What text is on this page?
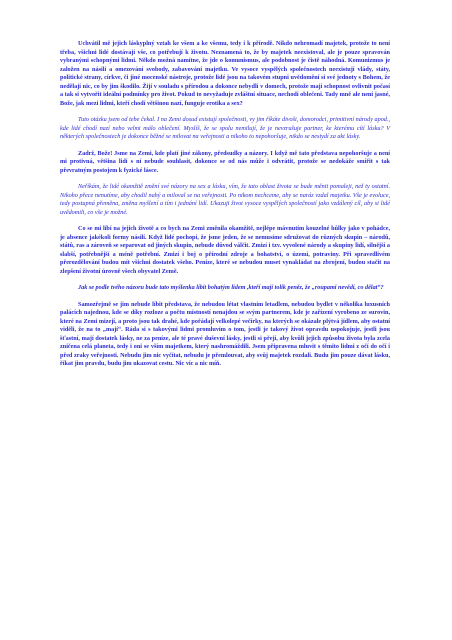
Uchvátil mě jejich láskyplný vztah ke všem a ke všemu, tedy i k přírodě. Nikdo nehromadí majetek, protože to není třeba, všichni lidé dostávají vše, co potřebují k životu. Neznamená to, že by majetek neexistoval, ale je pouze spravován vybranými schopnými lidmi. Někdo možná namítne, že jde o komunismus, ale podobnost je čistě náhodná. Komunizmus je založen na násilí a omezování svobody, zabavování majetku. Ve vysoce vyspělých společnostech neexistují vlády, státy, politické strany, církve, či jiné mocenské nástroje, protože lidé jsou na takovém stupni uvědomění si své jednoty s Bohem, že nedělají nic, co by jim škodilo. Žijí v souladu s přírodou a dokonce nebydlí v domech, protože mají schopnost ovlivnit počasí a tak si vytvořit ideální podmínky pro život. Pokud to nevyžaduje zvláštní situace, nechodí oblečeni. Tady mně ale není jasné, Bože, jak mezi lidmi, kteří chodí většinou nazí, funguje erotika a sex?

Tuto otázku jsem od tebe čekal. I na Zemi dosud existují společnosti, vy jim říkáte divoši, domorodci, primitivní národy apod., kde lidé chodí nazí nebo velmi málo oblečení. Myslíš, že se spolu nemilují, že je nevzrušuje partner, ke kterému cítí lásku? V některých společnostech je dokonce běžné se milovat na veřejnosti a nikoho to nepohoršuje, nikdo se nestydí za akt lásky.

Zadrž, Bože! Jsme na Zemi, kde platí jiné zákony, předsudky a názory. I když mě tato představa nepohoršuje a není mi protivná, většina lidí s ní nebude souhlasit, dokonce se od nás může i odvrátit, protože se nedokáže smířit s tak převratným postojem k fyzické lásce.

Neříkám, že lidé okamžitě změní své názory na sex a lásku, vím, že tato oblast života se bude měnit pomaleji, než ty ostatní. Nikoho přece nenutíme, aby chodil nahý a miloval se na veřejnosti. Po nikom nechceme, aby se naráz vzdal majetku. Vše je evoluce, tedy postupná přeměna, změna myšlení a tím i jednání lidí. Ukazuji život vysoce vyspělých společností jako vzdálený cíl, aby si lidé uvědomili, co vše je možné.

Co se mi líbí na jejich životě a co bych na Zemi změnila okamžitě, nejlépe mávnutím kouzelné hůlky jako v pohádce, je absence jakékoli formy násilí. Když lidé pochopí, že jsme jeden, že se nemusíme sdružovat do různých skupin – národů, států, ras a zároveň se separovat od jiných skupin, nebude důvod válčit. Zmizí i tzv. vyvolené národy a skupiny lidí, silnější a slabší, potřebnější a méně potřební. Zmizí i boj o přírodní zdroje a bohatství, o území, potraviny. Při spravedlivém přerozdělování budou mít všichni dostatek všeho. Peníze, které se nebudou muset vynakládat na zbrojení, budou stačit na zlepšení životní úrovně všech obyvatel Země.

Jak se podle tvého názoru bude tato myšlenka líbit bohatým lidem ,kteří mají tolik peněz, že „roupami nevědí, co dělat“?

Samozřejmě se jim nebude líbit představa, že nebudou létat vlastním letadlem, nebudou bydlet v několika luxusních palácích najednou, kde se díky rozloze a počtu místností nenajdou se svým partnerem, kde je zařízení vyrobeno ze surovin, které na Zemi mizejí, a proto jsou tak drahé, kde pořádají velkolepé večírky, na kterých se okázale plýtvá jídlem, aby ostatní viděli, že na to „mají“. Ráda si s takovými lidmi promluvím o tom, jestli je takový život opravdu uspokojuje, jestli jsou šťastní, mají dostatek lásky, ne za peníze, ale té pravé duševní lásky, jestli si přejí, aby kvůli jejich způsobu života byla zcela zničena celá planeta, tedy i oni se vším majetkem, který nashromáždili. Jsem připravena mluvit s těmito lidmi z očí do očí i před zraky veřejnosti. Nebudu jim nic vyčítat, nebudu je přemlouvat, aby svůj majetek rozdali. Budu jim pouze dávat lásku, říkat jim pravdu, budu jim ukazovat cestu. Nic víc a nic míň.
